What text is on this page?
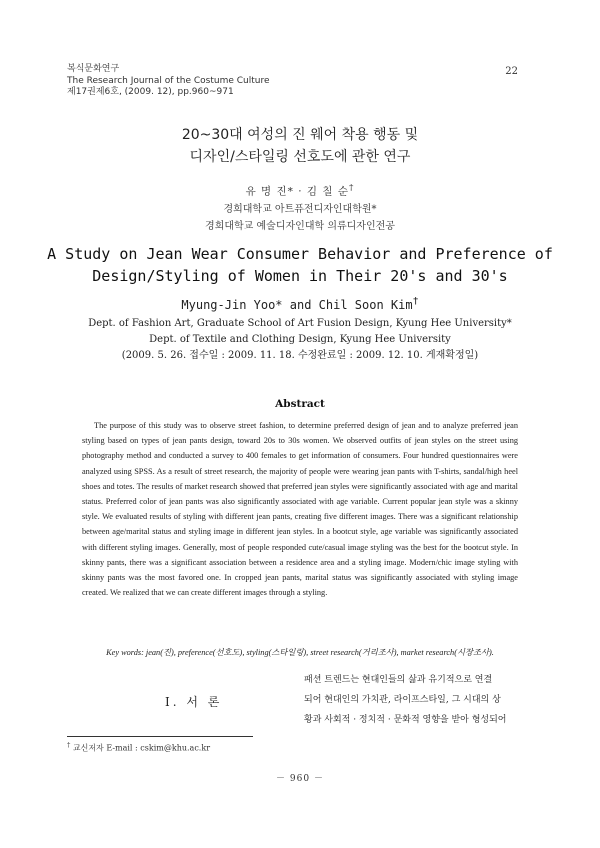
복식문화연구
The Research Journal of the Costume Culture
제17권제6호, (2009. 12), pp.960~971
22
20~30대 여성의 진 웨어 착용 행동 및
디자인/스타일링 선호도에 관한 연구
유 명 진* · 김 칠 순†
경희대학교 아트퓨전디자인대학원*
경희대학교 예술디자인대학 의류디자인전공
A Study on Jean Wear Consumer Behavior and Preference of
Design/Styling of Women in Their 20's and 30's
Myung-Jin Yoo* and Chil Soon Kim†
Dept. of Fashion Art, Graduate School of Art Fusion Design, Kyung Hee University*
Dept. of Textile and Clothing Design, Kyung Hee University
(2009. 5. 26. 접수일 : 2009. 11. 18. 수정완료일 : 2009. 12. 10. 게재확정일)
Abstract
The purpose of this study was to observe street fashion, to determine preferred design of jean and to analyze preferred jean styling based on types of jean pants design, toward 20s to 30s women. We observed outfits of jean styles on the street using photography method and conducted a survey to 400 females to get information of consumers. Four hundred questionnaires were analyzed using SPSS. As a result of street research, the majority of people were wearing jean pants with T-shirts, sandal/high heel shoes and totes. The results of market research showed that preferred jean styles were significantly associated with age and marital status. Preferred color of jean pants was also significantly associated with age variable. Current popular jean style was a skinny style. We evaluated results of styling with different jean pants, creating five different images. There was a significant relationship between age/marital status and styling image in different jean styles. In a bootcut style, age variable was significantly associated with different styling images. Generally, most of people responded cute/casual image styling was the best for the bootcut style. In skinny pants, there was a significant association between a residence area and a styling image. Modern/chic image styling with skinny pants was the most favored one. In cropped jean pants, marital status was significantly associated with styling image created. We realized that we can create different images through a styling.
Key words: jean(진), preference(선호도), styling(스타일링), street research(거리조사), market research(시장조사).
Ⅰ. 서 론
패션 트렌드는 현대인들의 삶과 유기적으로 연결
되어 현대인의 가치관, 라이프스타일, 그 시대의 상
황과 사회적 · 정치적 · 문화적 영향을 받아 형성되어
† 교신저자 E-mail : cskim@khu.ac.kr
－ 960 －
